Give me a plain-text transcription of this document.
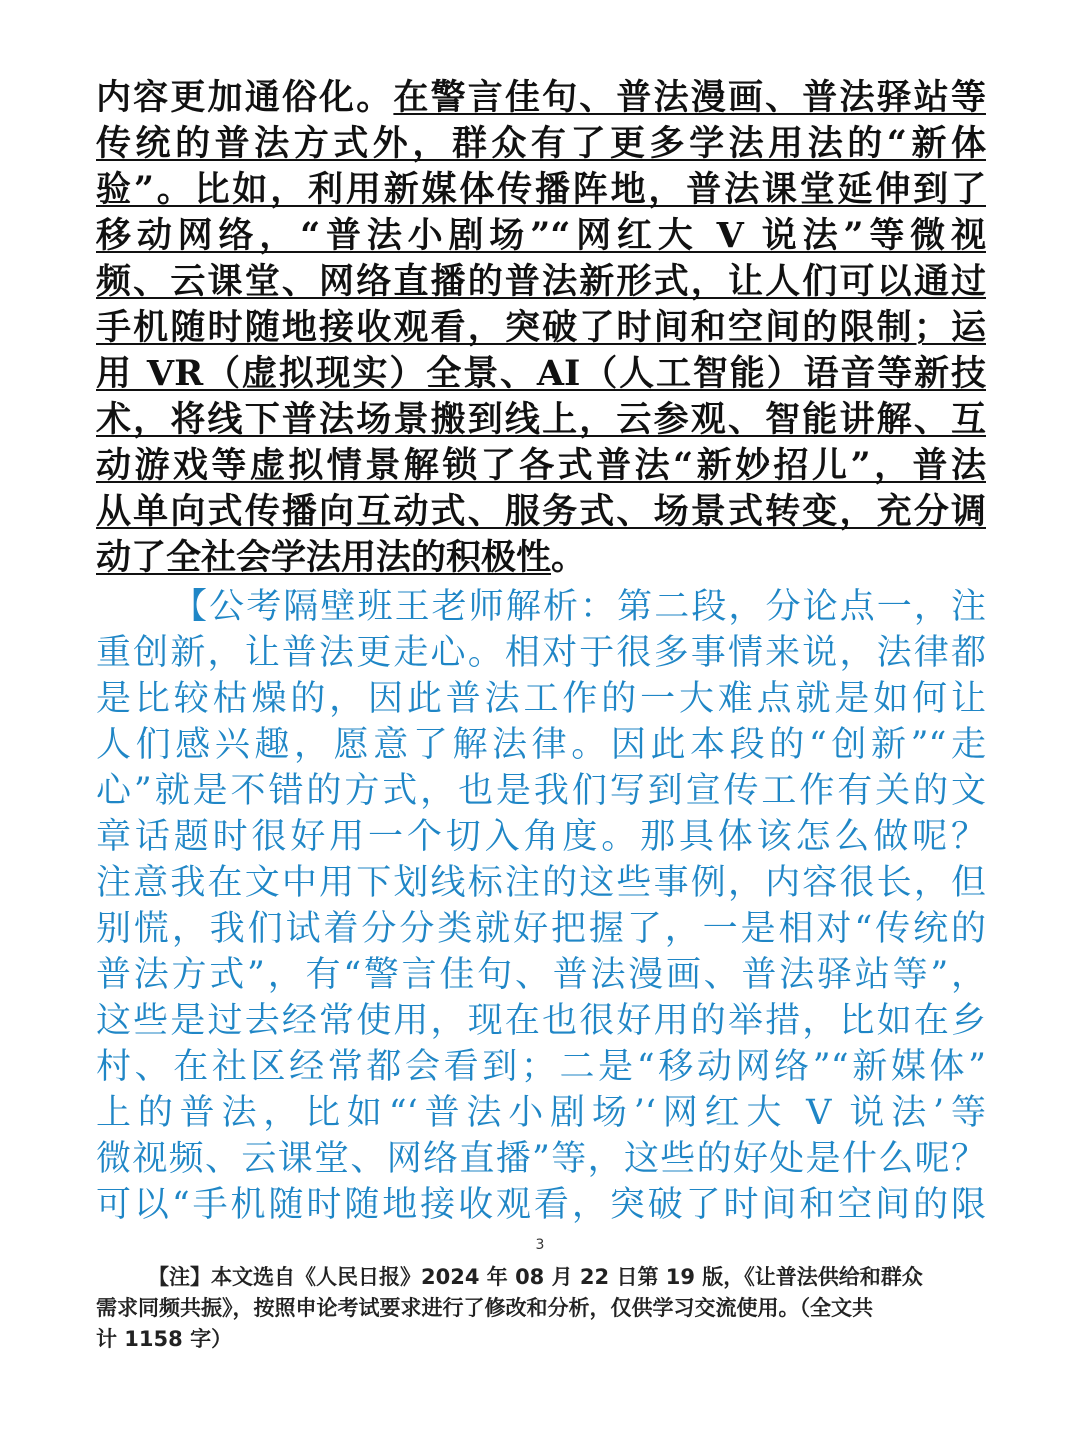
内容更加通俗化。在警言佳句、普法漫画、普法驿站等
传统的普法方式外，群众有了更多学法用法的“新体
验”。比如，利用新媒体传播阵地，普法课堂延伸到了
移动网络，“普法小剧场”“网红大 V 说法”等微视
频、云课堂、网络直播的普法新形式，让人们可以通过
手机随时随地接收观看，突破了时间和空间的限制；运
用 VR（虚拟现实）全景、AI（人工智能）语音等新技
术，将线下普法场景搬到线上，云参观、智能讲解、互
动游戏等虚拟情景解锁了各式普法“新妙招儿”，普法
从单向式传播向互动式、服务式、场景式转变，充分调
动了全社会学法用法的积极性。
【公考隔壁班王老师解析：第二段，分论点一，注
重创新，让普法更走心。相对于很多事情来说，法律都
是比较枯燥的，因此普法工作的一大难点就是如何让
人们感兴趣，愿意了解法律。因此本段的“创新”“走
心”就是不错的方式，也是我们写到宣传工作有关的文
章话题时很好用一个切入角度。那具体该怎么做呢？
注意我在文中用下划线标注的这些事例，内容很长，但
别慌，我们试着分分类就好把握了，一是相对“传统的
普法方式”，有“警言佳句、普法漫画、普法驿站等”，
这些是过去经常使用，现在也很好用的举措，比如在乡
村、在社区经常都会看到；二是“移动网络”“新媒体”
上的普法，比如“‘普法小剧场’‘网红大 V 说法’等
微视频、云课堂、网络直播”等，这些的好处是什么呢？
可以“手机随时随地接收观看，突破了时间和空间的限
3
【注】本文选自《人民日报》2024 年 08 月 22 日第 19 版，《让普法供给和群众
需求同频共振》，按照申论考试要求进行了修改和分析，仅供学习交流使用。（全文共
计 1158 字）
